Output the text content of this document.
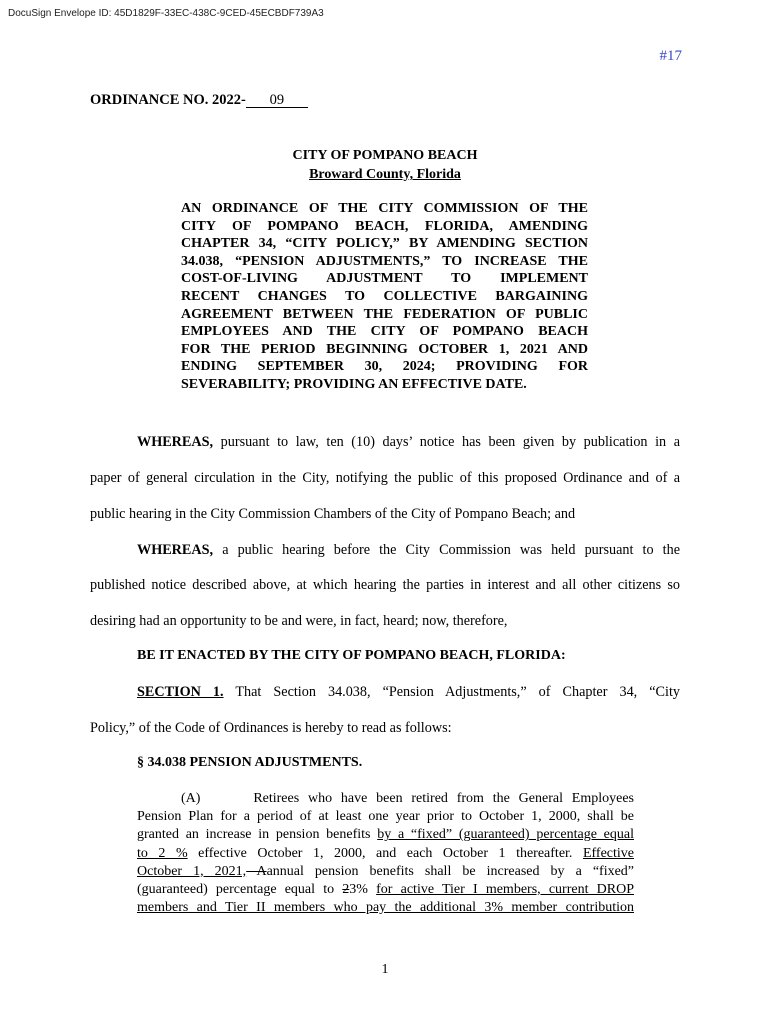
DocuSign Envelope ID: 45D1829F-33EC-438C-9CED-45ECBDF739A3
#17
ORDINANCE NO. 2022- 09
CITY OF POMPANO BEACH
Broward County, Florida
AN ORDINANCE OF THE CITY COMMISSION OF THE
CITY OF POMPANO BEACH, FLORIDA, AMENDING
CHAPTER 34, “CITY POLICY,” BY AMENDING SECTION
34.038, “PENSION ADJUSTMENTS,” TO INCREASE THE
COST-OF-LIVING ADJUSTMENT TO IMPLEMENT
RECENT CHANGES TO COLLECTIVE BARGAINING
AGREEMENT BETWEEN THE FEDERATION OF PUBLIC
EMPLOYEES AND THE CITY OF POMPANO BEACH
FOR THE PERIOD BEGINNING OCTOBER 1, 2021 AND
ENDING SEPTEMBER 30, 2024; PROVIDING FOR
SEVERABILITY; PROVIDING AN EFFECTIVE DATE.
WHEREAS, pursuant to law, ten (10) days’ notice has been given by publication in a
paper of general circulation in the City, notifying the public of this proposed Ordinance and of a
public hearing in the City Commission Chambers of the City of Pompano Beach; and
WHEREAS, a public hearing before the City Commission was held pursuant to the
published notice described above, at which hearing the parties in interest and all other citizens so
desiring had an opportunity to be and were, in fact, heard; now, therefore,
BE IT ENACTED BY THE CITY OF POMPANO BEACH, FLORIDA:
SECTION 1. That Section 34.038, “Pension Adjustments,” of Chapter 34, “City
Policy,” of the Code of Ordinances is hereby to read as follows:
§ 34.038 PENSION ADJUSTMENTS.
(A)	Retirees who have been retired from the General Employees
Pension Plan for a period of at least one year prior to October 1, 2000, shall be
granted an increase in pension benefits by a “fixed” (guaranteed) percentage equal
to 2 % effective October 1, 2000, and each October 1 thereafter. Effective
October 1, 2021, Aannual pension benefits shall be increased by a “fixed”
(guaranteed) percentage equal to 23% for active Tier I members, current DROP
members and Tier II members who pay the additional 3% member contribution
1
